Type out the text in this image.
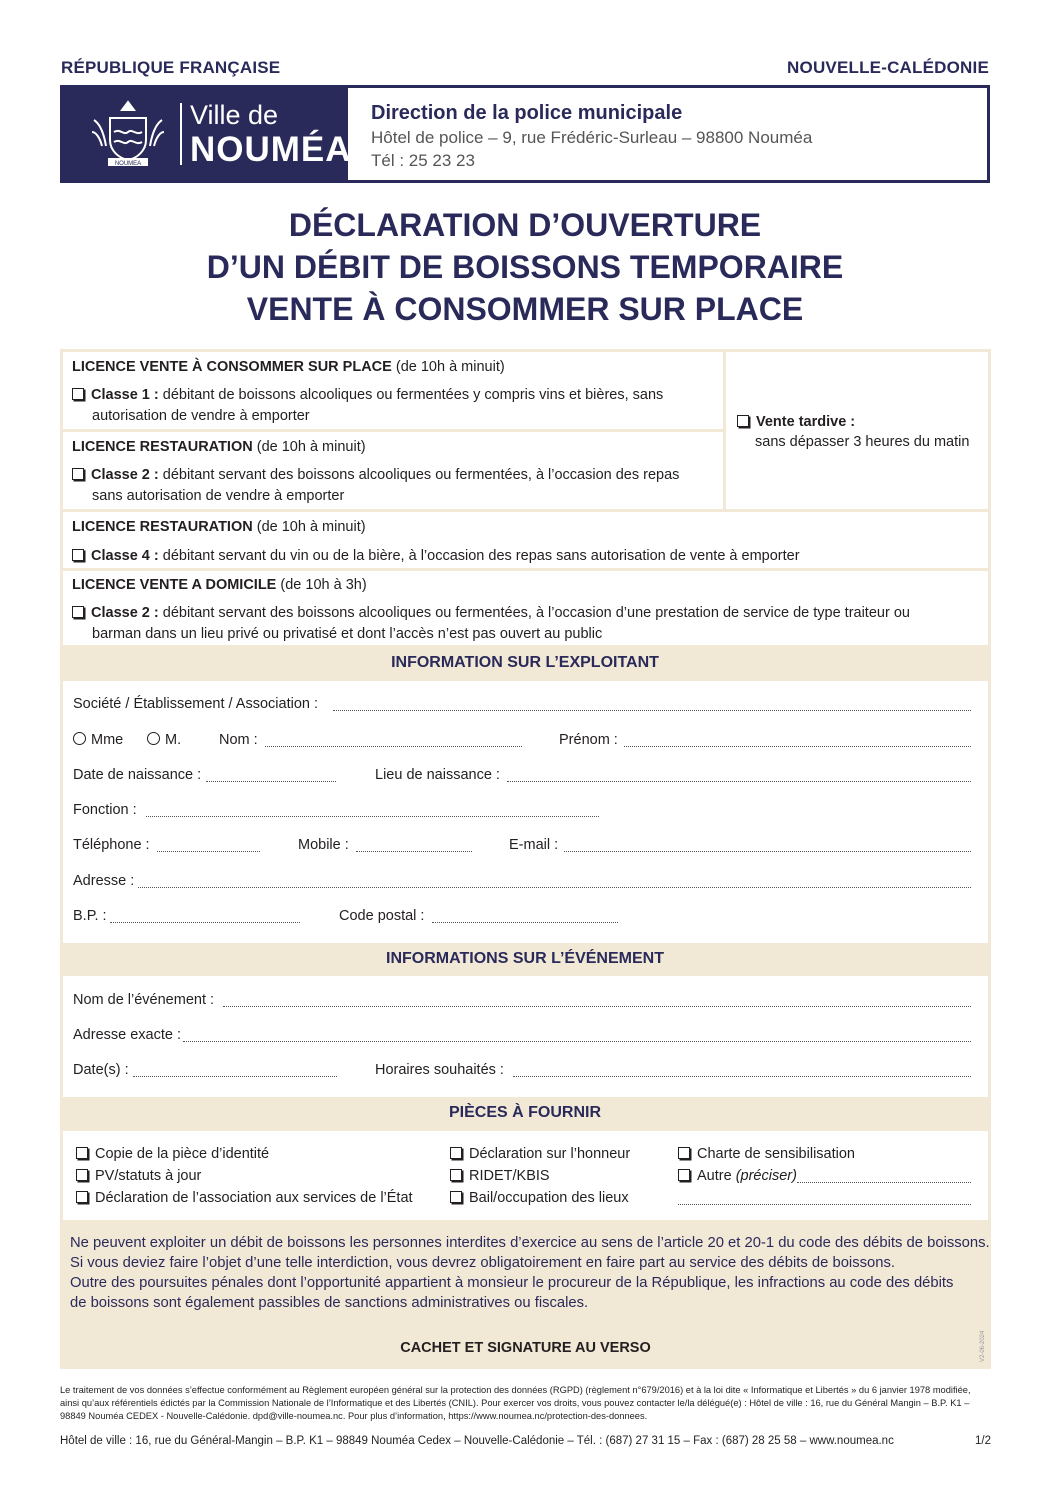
RÉPUBLIQUE FRANÇAISE	NOUVELLE-CALÉDONIE
NOUMEA
Ville de
NOUMÉA
Direction de la police municipale
Hôtel de police – 9, rue Frédéric-Surleau – 98800 Nouméa
Tél : 25 23 23
DÉCLARATION D’OUVERTURE
D’UN DÉBIT DE BOISSONS TEMPORAIRE
VENTE À CONSOMMER SUR PLACE
LICENCE VENTE À CONSOMMER SUR PLACE (de 10h à minuit)
Classe 1 : débitant de boissons alcooliques ou fermentées y compris vins et bières, sans
autorisation de vendre à emporter
LICENCE RESTAURATION (de 10h à minuit)
Classe 2 : débitant servant des boissons alcooliques ou fermentées, à l’occasion des repas
sans autorisation de vendre à emporter
Vente tardive :
sans dépasser 3 heures du matin
LICENCE RESTAURATION (de 10h à minuit)
Classe 4 : débitant servant du vin ou de la bière, à l’occasion des repas sans autorisation de vente à emporter
LICENCE VENTE A DOMICILE (de 10h à 3h)
Classe 2 : débitant servant des boissons alcooliques ou fermentées, à l’occasion d’une prestation de service de type traiteur ou
barman dans un lieu privé ou privatisé et dont l’accès n’est pas ouvert au public
INFORMATION SUR L’EXPLOITANT
Société / Établissement / Association :
Mme	M.	Nom :	Prénom :
Date de naissance :	Lieu de naissance :
Fonction :
Téléphone :	Mobile :	E-mail :
Adresse :
B.P. :	Code postal :
INFORMATIONS SUR L’ÉVÉNEMENT
Nom de l’événement :
Adresse exacte :
Date(s) :	Horaires souhaités :
PIÈCES À FOURNIR
Copie de la pièce d’identité
PV/statuts à jour
Déclaration de l’association aux services de l’État
Déclaration sur l’honneur
RIDET/KBIS
Bail/occupation des lieux
Charte de sensibilisation
Autre (préciser)
Ne peuvent exploiter un débit de boissons les personnes interdites d’exercice au sens de l’article 20 et 20-1 du code des débits de boissons.
Si vous deviez faire l’objet d’une telle interdiction, vous devrez obligatoirement en faire part au service des débits de boissons.
Outre des poursuites pénales dont l’opportunité appartient à monsieur le procureur de la République, les infractions au code des débits
de boissons sont également passibles de sanctions administratives ou fiscales.
CACHET ET SIGNATURE AU VERSO	V2-06-2024
Le traitement de vos données s’effectue conformément au Règlement européen général sur la protection des données (RGPD) (règlement n°679/2016) et à la loi dite « Informatique et Libertés » du 6 janvier 1978 modifiée,
ainsi qu’aux référentiels édictés par la Commission Nationale de l’Informatique et des Libertés (CNIL). Pour exercer vos droits, vous pouvez contacter le/la délégué(e) : Hôtel de ville : 16, rue du Général Mangin – B.P. K1 –
98849 Nouméa CEDEX - Nouvelle-Calédonie. dpd@ville-noumea.nc. Pour plus d’information, https://www.noumea.nc/protection-des-donnees.
Hôtel de ville : 16, rue du Général-Mangin – B.P. K1 – 98849 Nouméa Cedex – Nouvelle-Calédonie – Tél. : (687) 27 31 15 – Fax : (687) 28 25 58 – www.noumea.nc	1/2
